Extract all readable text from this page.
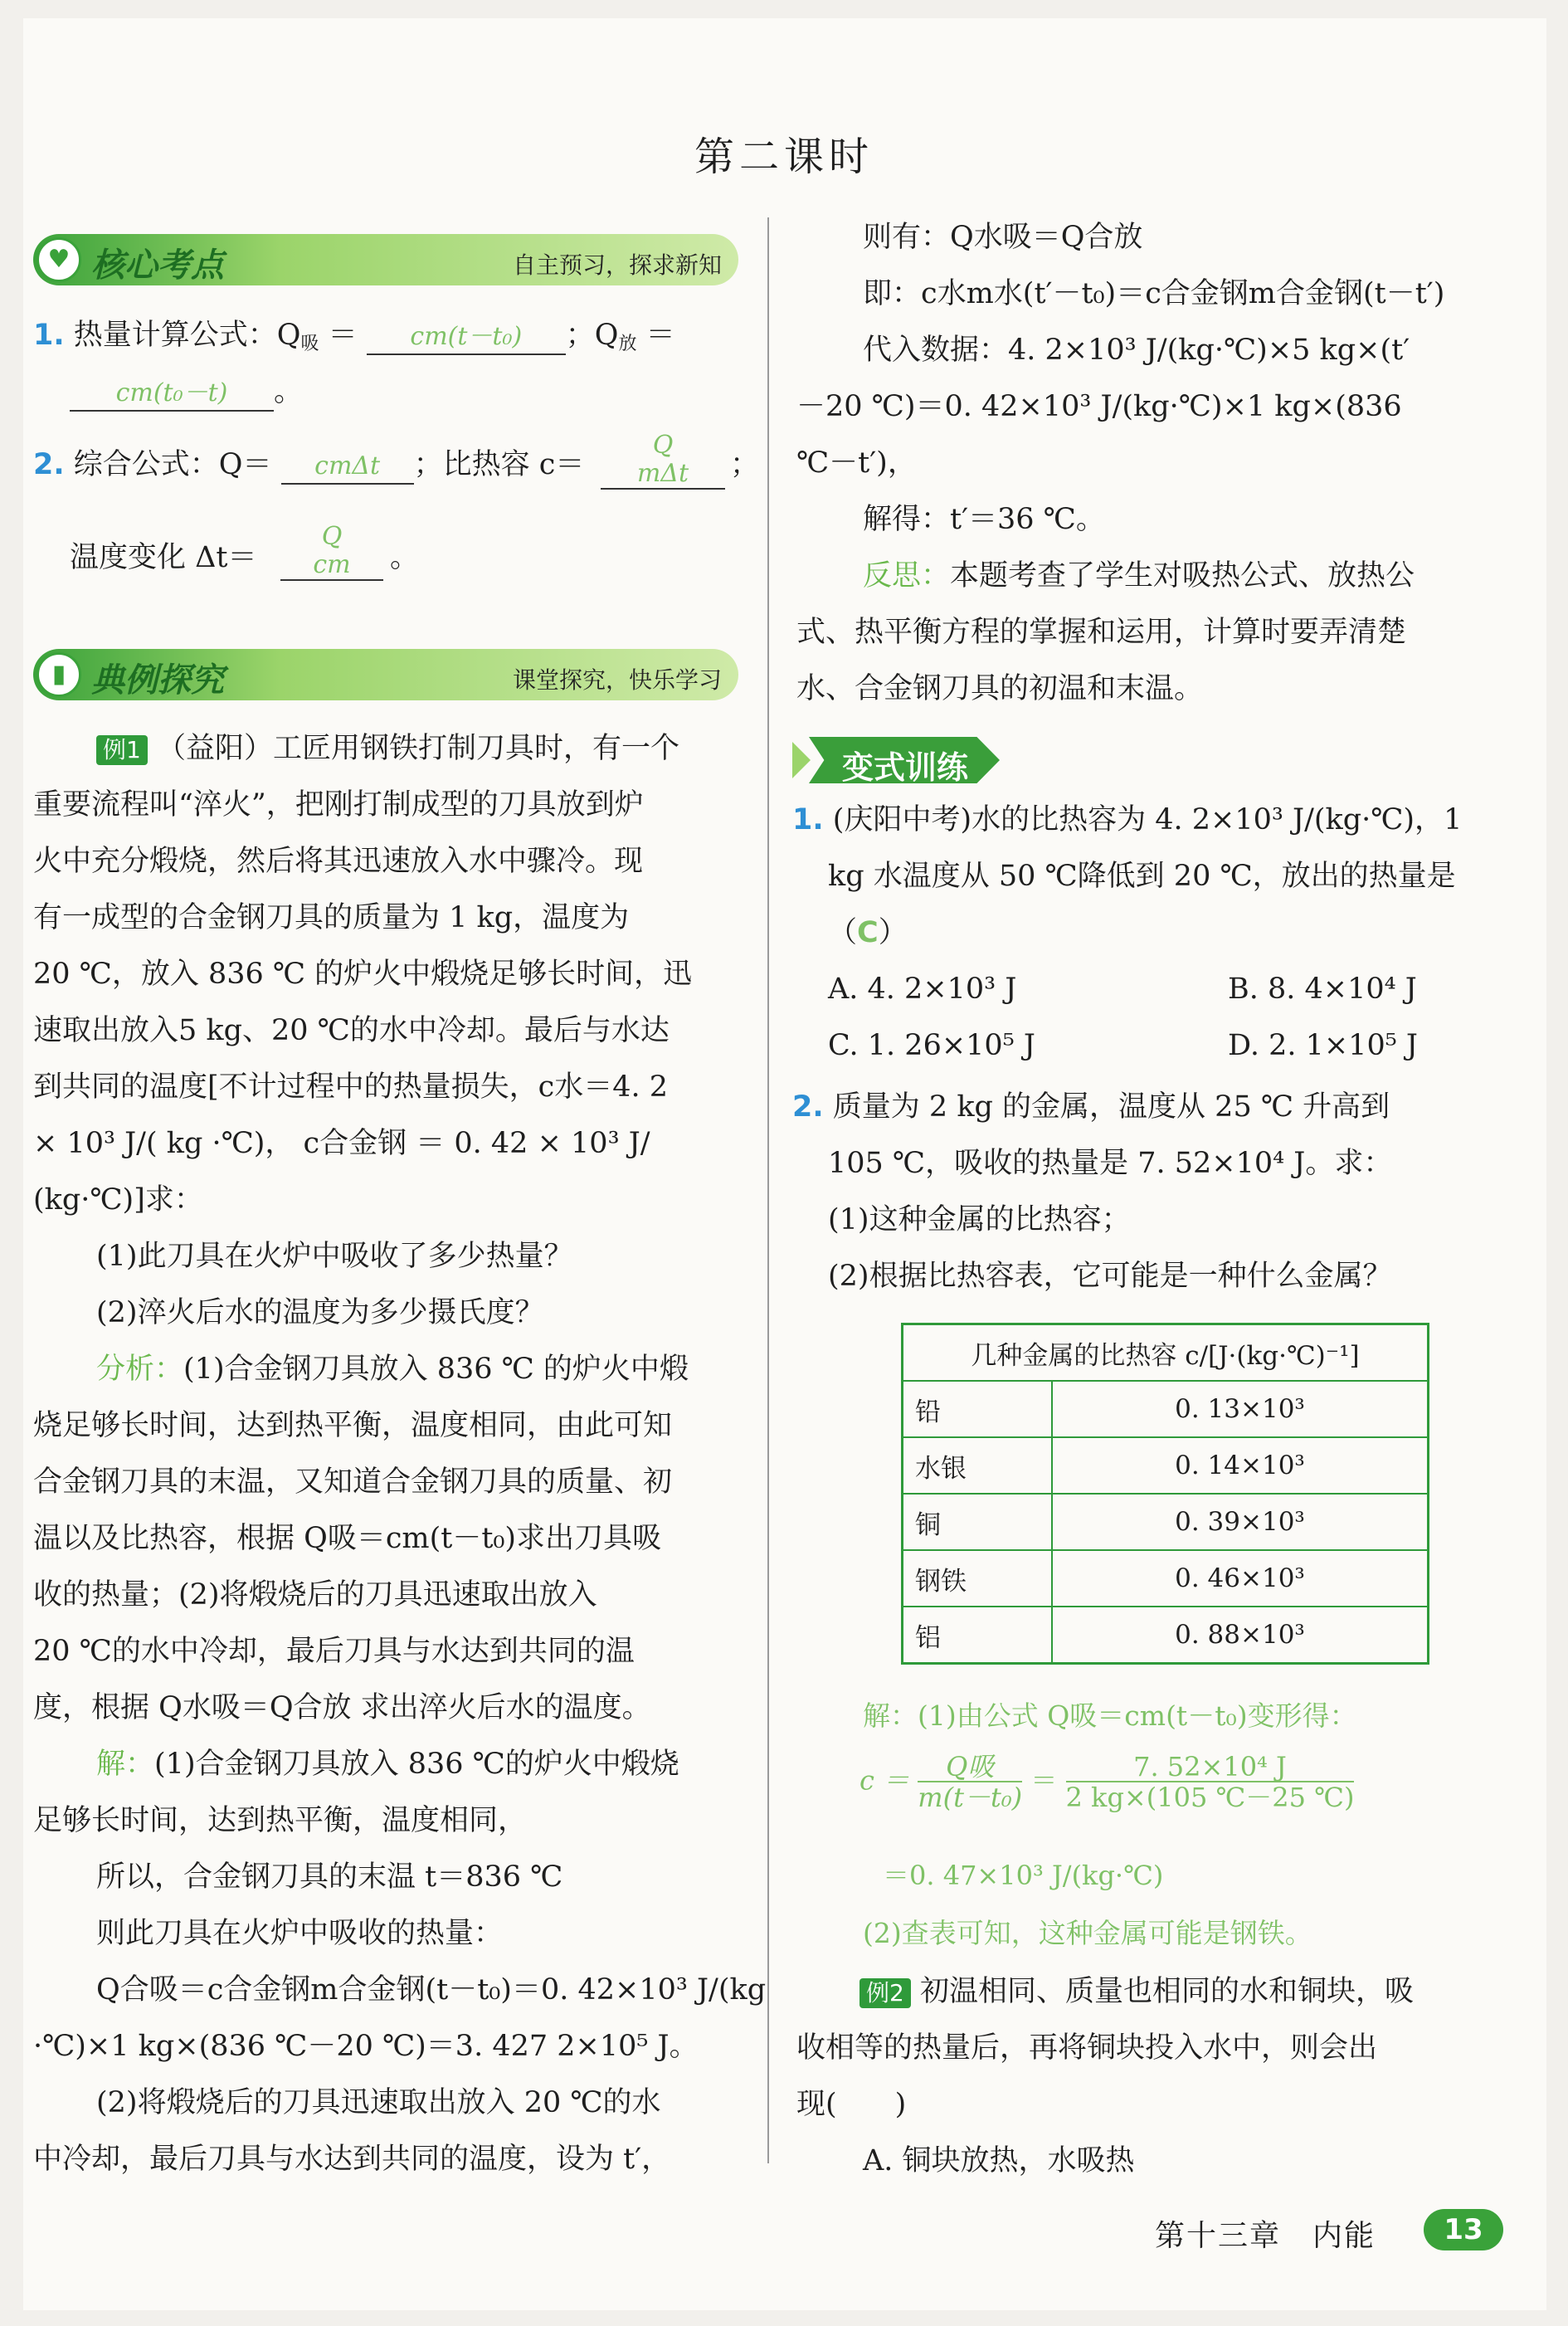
第二课时
♥ 核心考点	自主预习，探求新知
1. 热量计算公式：$Q_吸 = cm(t-t_0)$ ；$Q_放$ ＝
cm(t₀－t) 。
2. 综合公式：Q＝ cmΔt ；比热容 c＝
Q
mΔt	；
温度变化 Δt＝
Q
cm	。
▮ 典例探究	课堂探究，快乐学习
例1 （益阳）工匠用钢铁打制刀具时，有一个
重要流程叫“淬火”，把刚打制成型的刀具放到炉
火中充分煅烧，然后将其迅速放入水中骤冷。现
有一成型的合金钢刀具的质量为 1 kg，温度为
20 ℃，放入 836 ℃ 的炉火中煅烧足够长时间，迅
速取出放入5 kg、20 ℃的水中冷却。最后与水达
到共同的温度[不计过程中的热量损失，c水＝4. 2
× 10³ J/( kg ·℃)， c合金钢 ＝ 0. 42 × 10³ J/
(kg·℃)]求：
(1)此刀具在火炉中吸收了多少热量？
(2)淬火后水的温度为多少摄氏度？
分析：(1)合金钢刀具放入 836 ℃ 的炉火中煅
烧足够长时间，达到热平衡，温度相同，由此可知
合金钢刀具的末温，又知道合金钢刀具的质量、初
温以及比热容，根据 Q吸＝cm(t－t₀)求出刀具吸
收的热量；(2)将煅烧后的刀具迅速取出放入
20 ℃的水中冷却，最后刀具与水达到共同的温
度，根据 Q水吸＝Q合放 求出淬火后水的温度。
解：(1)合金钢刀具放入 836 ℃的炉火中煅烧
足够长时间，达到热平衡，温度相同，
所以，合金钢刀具的末温 t＝836 ℃
则此刀具在火炉中吸收的热量：
Q合吸＝c合金钢m合金钢(t－t₀)＝0. 42×10³ J/(kg
·℃)×1 kg×(836 ℃－20 ℃)＝3. 427 2×10⁵ J。
(2)将煅烧后的刀具迅速取出放入 20 ℃的水
中冷却，最后刀具与水达到共同的温度，设为 t′，
则有：Q水吸＝Q合放
即：c水m水(t′－t₀)＝c合金钢m合金钢(t－t′)
代入数据：4. 2×10³ J/(kg·℃)×5 kg×(t′
－20 ℃)＝0. 42×10³ J/(kg·℃)×1 kg×(836
℃－t′)，
解得：t′＝36 ℃。
反思：本题考查了学生对吸热公式、放热公
式、热平衡方程的掌握和运用，计算时要弄清楚
水、合金钢刀具的初温和末温。
变式训练
1. (庆阳中考)水的比热容为 4. 2×10³ J/(kg·℃)，1
kg 水温度从 50 ℃降低到 20 ℃，放出的热量是
（C）
A. 4. 2×10³ J	B. 8. 4×10⁴ J
C. 1. 26×10⁵ J	D. 2. 1×10⁵ J
2. 质量为 2 kg 的金属，温度从 25 ℃ 升高到
105 ℃，吸收的热量是 7. 52×10⁴ J。求：
(1)这种金属的比热容；
(2)根据比热容表，它可能是一种什么金属？
几种金属的比热容 c/[J·(kg·℃)⁻¹]	
铅	0. 13×10³
水银	0. 14×10³
铜	0. 39×10³
钢铁	0. 46×10³
铝	0. 88×10³
解：(1)由公式 Q吸＝cm(t－t₀)变形得：
$c = \frac{\text{Q吸}}{\text{m(t－t₀)}} = \frac{\text{7. 52×10⁴ J}}{2 kg\times(105 ℃-25 ℃)}$
＝0. 47×10³ J/(kg·℃)
(2)查表可知，这种金属可能是钢铁。
例2 初温相同、质量也相同的水和铜块，吸
收相等的热量后，再将铜块投入水中，则会出
现(　　)
A. 铜块放热，水吸热
第十三章　内能	13
